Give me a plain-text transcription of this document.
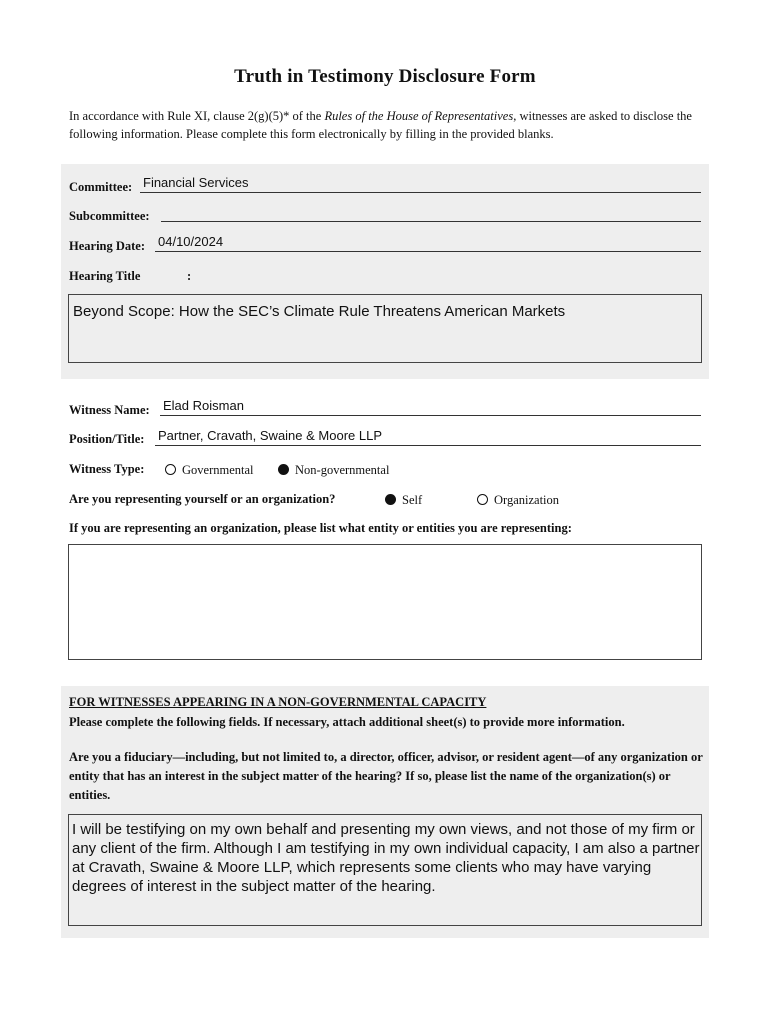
Truth in Testimony Disclosure Form
In accordance with Rule XI, clause 2(g)(5)* of the Rules of the House of Representatives, witnesses are asked to disclose the following information. Please complete this form electronically by filling in the provided blanks.
Committee: Financial Services
Subcommittee:
Hearing Date: 04/10/2024
Hearing Title	:
Beyond Scope: How the SEC’s Climate Rule Threatens American Markets
Witness Name: Elad Roisman
Position/Title: Partner, Cravath, Swaine & Moore LLP
Witness Type:	Governmental	Non-governmental
Are you representing yourself or an organization?	Self	Organization
If you are representing an organization, please list what entity or entities you are representing:
FOR WITNESSES APPEARING IN A NON-GOVERNMENTAL CAPACITY
Please complete the following fields. If necessary, attach additional sheet(s) to provide more information.
Are you a fiduciary—including, but not limited to, a director, officer, advisor, or resident agent—of any organization or entity that has an interest in the subject matter of the hearing? If so, please list the name of the organization(s) or entities.
I will be testifying on my own behalf and presenting my own views, and not those of my firm or any client of the firm. Although I am testifying in my own individual capacity, I am also a partner at Cravath, Swaine & Moore LLP, which represents some clients who may have varying degrees of interest in the subject matter of the hearing.
